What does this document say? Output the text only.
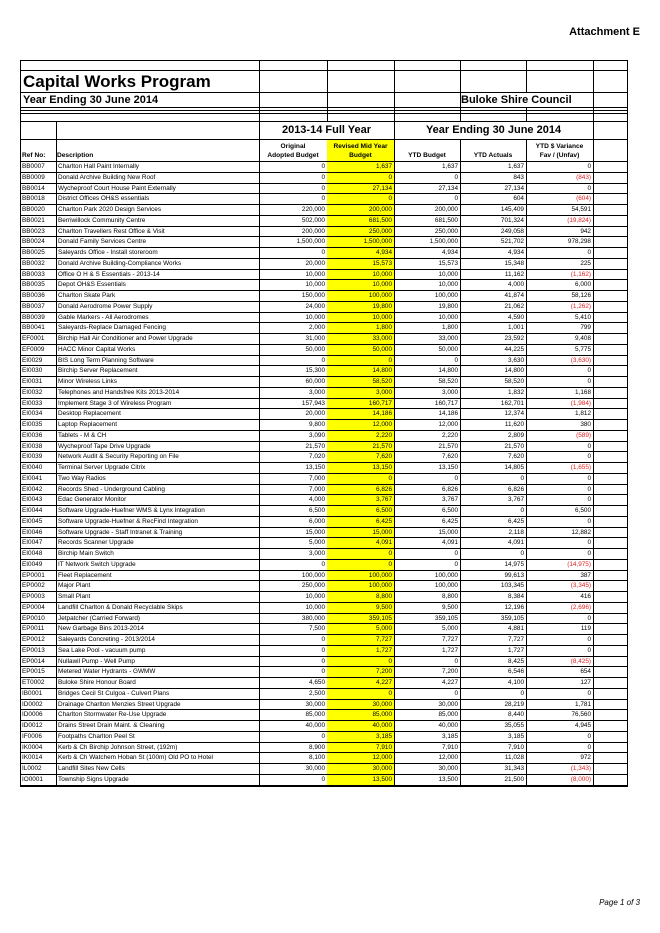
Attachment E
Capital Works Program
Year Ending 30 June 2014	Buloke Shire Council
2013-14 Full Year	Year Ending 30 June 2014
Ref No:	Description
Original
Adopted Budget
Revised Mid Year
Budget	YTD Budget	YTD Actuals
YTD $ Variance
Fav / (Unfav)
BB0007	Charlton Hall Paint Internally	0	1,637	1,637	1,637	0
BB0009	Donald Archive Building New Roof	0	0	0	843	(843)
BB0014	Wycheproof Court House Paint Externally	0	27,134	27,134	27,134	0
BB0018	District Offices OH&S essentials	0	0	0	604	(604)
BB0020	Charlton Park 2020 Design Services	220,000	200,000	200,000	145,409	54,591
BB0021	Berriwillock Community Centre	502,000	681,500	681,500	701,324	(19,824)
BB0023	Charlton Travellers Rest Office & Visit	200,000	250,000	250,000	249,058	942
BB0024	Donald Family Services Centre	1,500,000	1,500,000	1,500,000	521,702	978,298
BB0025	Saleyards Office - Install storeroom	0	4,934	4,934	4,934	0
BB0032	Donald Archive Building-Compliance Works	20,000	15,573	15,573	15,348	225
BB0033	Office O H & S Essentials - 2013-14	10,000	10,000	10,000	11,162	(1,162)
BB0035	Depot OH&S Essentials	10,000	10,000	10,000	4,000	6,000
BB0036	Charlton Skate Park	150,000	100,000	100,000	41,874	58,126
BB0037	Donald Aerodrome Power Supply	24,000	19,800	19,800	21,062	(1,262)
BB0039	Gable Markers - All Aerodromes	10,000	10,000	10,000	4,590	5,410
BB0041	Saleyards-Replace Damaged Fencing	2,000	1,800	1,800	1,001	799
EF0001	Birchip Hall Air Conditioner and Power Upgrade	31,000	33,000	33,000	23,592	9,408
EF0009	HACC Minor Capital Works	50,000	50,000	50,000	44,225	5,775
EI0029	BIS Long Term Planning Software	0	0	0	3,630	(3,630)
EI0030	Birchip Server Replacement	15,300	14,800	14,800	14,800	0
EI0031	Minor Wireless Links	60,000	58,520	58,520	58,520	0
EI0032	Telephones and Handsfree Kits 2013-2014	3,000	3,000	3,000	1,832	1,168
EI0033	Implement Stage 3 of Wireless Program	157,943	160,717	160,717	162,701	(1,984)
EI0034	Desktop Replacement	20,000	14,186	14,186	12,374	1,812
EI0035	Laptop Replacement	9,800	12,000	12,000	11,620	380
EI0036	Tablets - M & CH	3,090	2,220	2,220	2,809	(589)
EI0038	Wycheproof Tape Drive Upgrade	21,570	21,570	21,570	21,570	0
EI0039	Network Audit & Security Reporting on File	7,020	7,620	7,620	7,620	0
EI0040	Terminal Server Upgrade Citrix	13,150	13,150	13,150	14,805	(1,655)
EI0041	Two Way Radios	7,000	0	0	0	0
EI0042	Records Shed - Underground Cabling	7,000	6,826	6,826	6,826	0
EI0043	Edac Generator Monitor	4,000	3,767	3,767	3,767	0
EI0044	Software Upgrade-Huefner WMS & Lynx Integration	6,500	6,500	6,500	0	6,500
EI0045	Software Upgrade-Huefner & RecFind Integration	6,000	6,425	6,425	6,425	0
EI0046	Software Upgrade - Staff Intranet & Training	15,000	15,000	15,000	2,118	12,882
EI0047	Records Scanner Upgrade	5,000	4,091	4,091	4,091	0
EI0048	Birchip Main Switch	3,000	0	0	0	0
EI0049	IT Network Switch Upgrade	0	0	0	14,975	(14,975)
EP0001	Fleet Replacement	100,000	100,000	100,000	99,613	387
EP0002	Major Plant	250,000	100,000	100,000	103,345	(3,345)
EP0003	Small Plant	10,000	8,800	8,800	8,384	416
EP0004	Landfill Charlton & Donald Recyclable Skips	10,000	9,500	9,500	12,196	(2,696)
EP0010	Jetpatcher (Carried Forward)	380,000	359,105	359,105	359,105	0
EP0011	New Garbage Bins 2013-2014	7,500	5,000	5,000	4,881	119
EP0012	Saleyards Concreting - 2013/2014	0	7,727	7,727	7,727	0
EP0013	Sea Lake Pool - vacuum pump	0	1,727	1,727	1,727	0
EP0014	Nullawil Pump - Well Pump	0	0	0	8,425	(8,425)
EP0015	Metered Water Hydrants - GWMW	0	7,200	7,200	6,546	654
ET0002	Buloke Shire Honour Board	4,650	4,227	4,227	4,100	127
IB0001	Bridges Cecil St Culgoa - Culvert Plans	2,500	0	0	0	0
ID0002	Drainage Charlton Menzies Street Upgrade	30,000	30,000	30,000	28,219	1,781
ID0006	Charlton Stormwater Re-Use Upgrade	85,000	85,000	85,000	8,440	76,560
ID0012	Drains Street Drain Maint. & Cleaning	40,000	40,000	40,000	35,055	4,945
IF0006	Footpaths Charlton Peel St	0	3,185	3,185	3,185	0
IK0004	Kerb & Ch Birchip Johnson Street, (192m)	8,900	7,910	7,910	7,910	0
IK0014	Kerb & Ch Watchem Hoban St (100m) Old PO to Hotel	8,100	12,000	12,000	11,028	972
IL0002	Landfill Sites New Cells	30,000	30,000	30,000	31,343	(1,343)
IO0001	Township Signs Upgrade	0	13,500	13,500	21,500	(8,000)
Page 1 of 3
